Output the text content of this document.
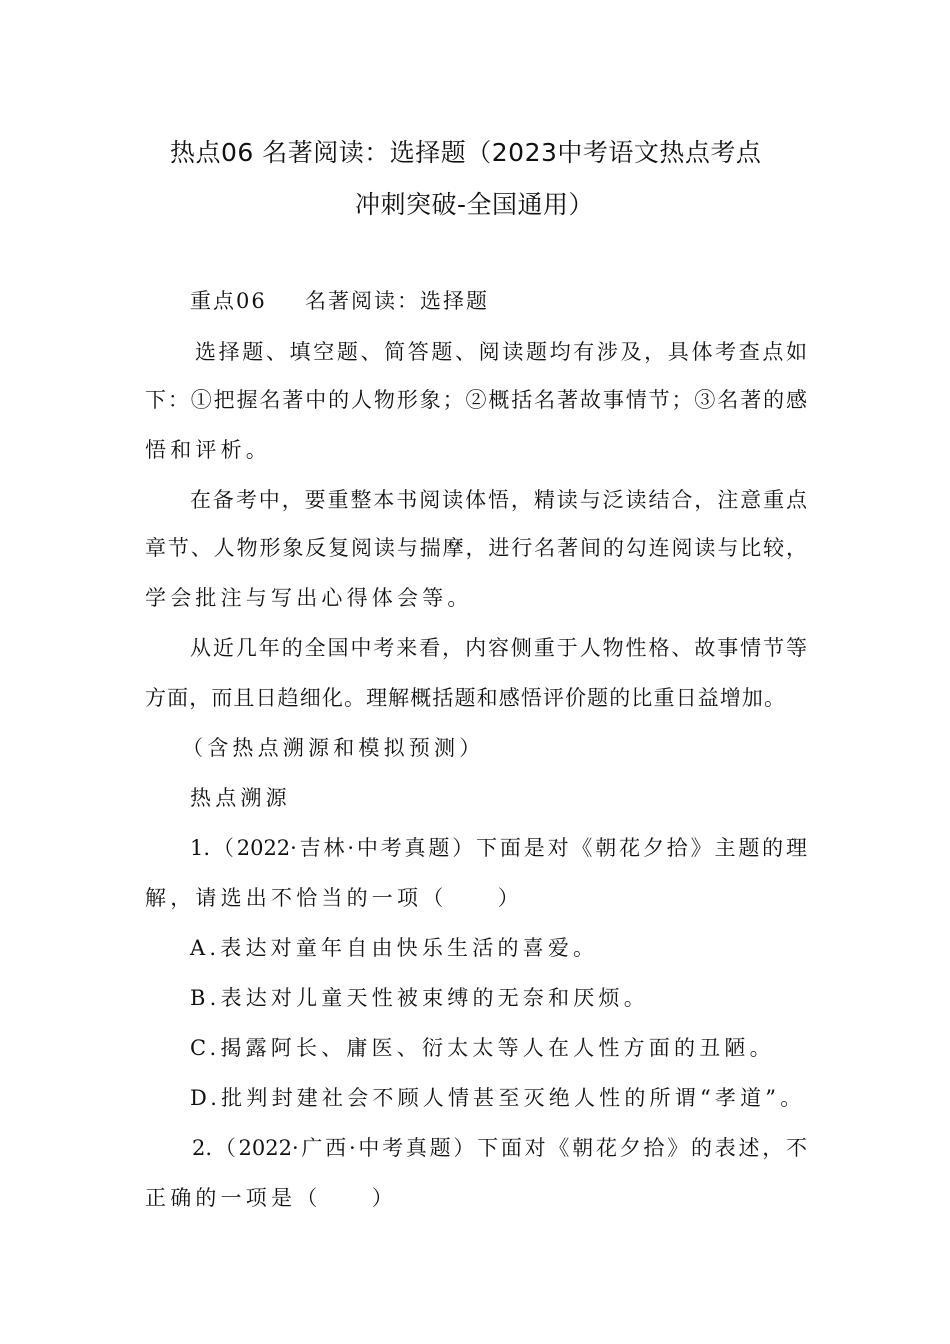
热点06 名著阅读：选择题（2023中考语文热点考点
冲刺突破-全国通用）
重点06 名著阅读：选择题
选择题、填空题、简答题、阅读题均有涉及，具体考查点如
下：①把握名著中的人物形象；②概括名著故事情节；③名著的感
悟和评析。
在备考中，要重整本书阅读体悟，精读与泛读结合，注意重点
章节、人物形象反复阅读与揣摩，进行名著间的勾连阅读与比较，
学会批注与写出心得体会等。
从近几年的全国中考来看，内容侧重于人物性格、故事情节等
方面，而且日趋细化。理解概括题和感悟评价题的比重日益增加。
（含热点溯源和模拟预测）
热点溯源
1.（2022·吉林·中考真题）下面是对《朝花夕拾》主题的理
解，请选出不恰当的一项（　　）
A.表达对童年自由快乐生活的喜爱。
B.表达对儿童天性被束缚的无奈和厌烦。
C.揭露阿长、庸医、衍太太等人在人性方面的丑陋。
D.批判封建社会不顾人情甚至灭绝人性的所谓“孝道”。
2.（2022·广西·中考真题）下面对《朝花夕拾》的表述，不
正确的一项是（　　）
